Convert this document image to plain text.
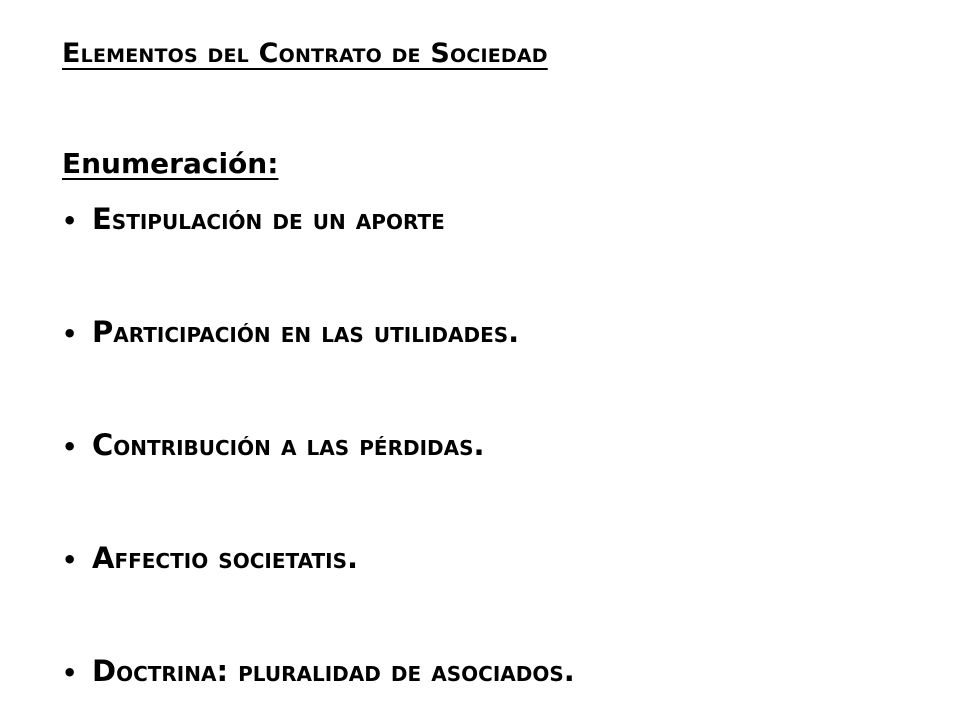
Elementos del Contrato de Sociedad
Enumeración:
• Estipulación de un aporte
• Participación en las utilidades.
• Contribución a las pérdidas.
• Affectio societatis.
• Doctrina: pluralidad de asociados.
